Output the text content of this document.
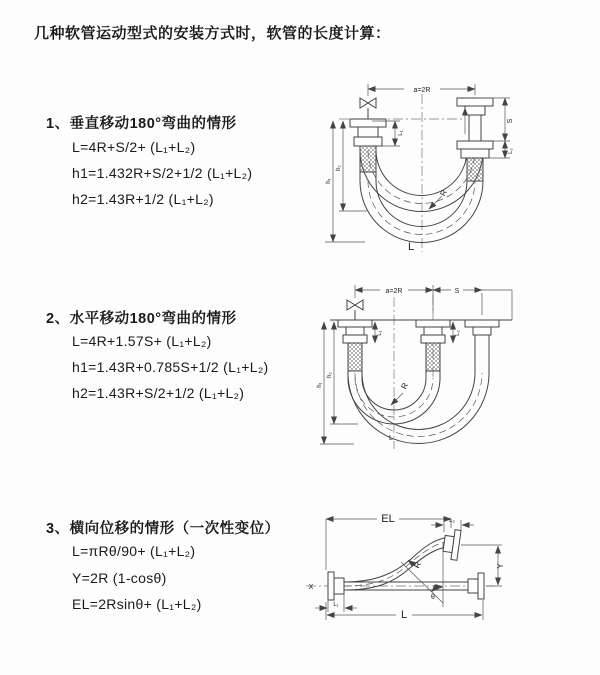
几种软管运动型式的安装方式时，软管的长度计算：
1、垂直移动180°弯曲的情形
L=4R+S/2+ (L₁+L₂)
h1=1.432R+S/2+1/2 (L₁+L₂)
h2=1.43R+1/2 (L₁+L₂)
a=2R
h₁
h₂
L₁
S
L₂
R
L
2、水平移动180°弯曲的情形
L=4R+1.57S+ (L₁+L₂)
h1=1.43R+0.785S+1/2 (L₁+L₂)
h2=1.43R+S/2+1/2 (L₁+L₂)
a=2R	S
h₁
h₂
L₁	L₂
R
L
3、横向位移的情形（一次性变位）
L=πRθ/90+ (L₁+L₂)
Y=2R (1-cosθ)
EL=2Rsinθ+ (L₁+L₂)
EL	L₂
Y
R
θ
L
L₁
X
